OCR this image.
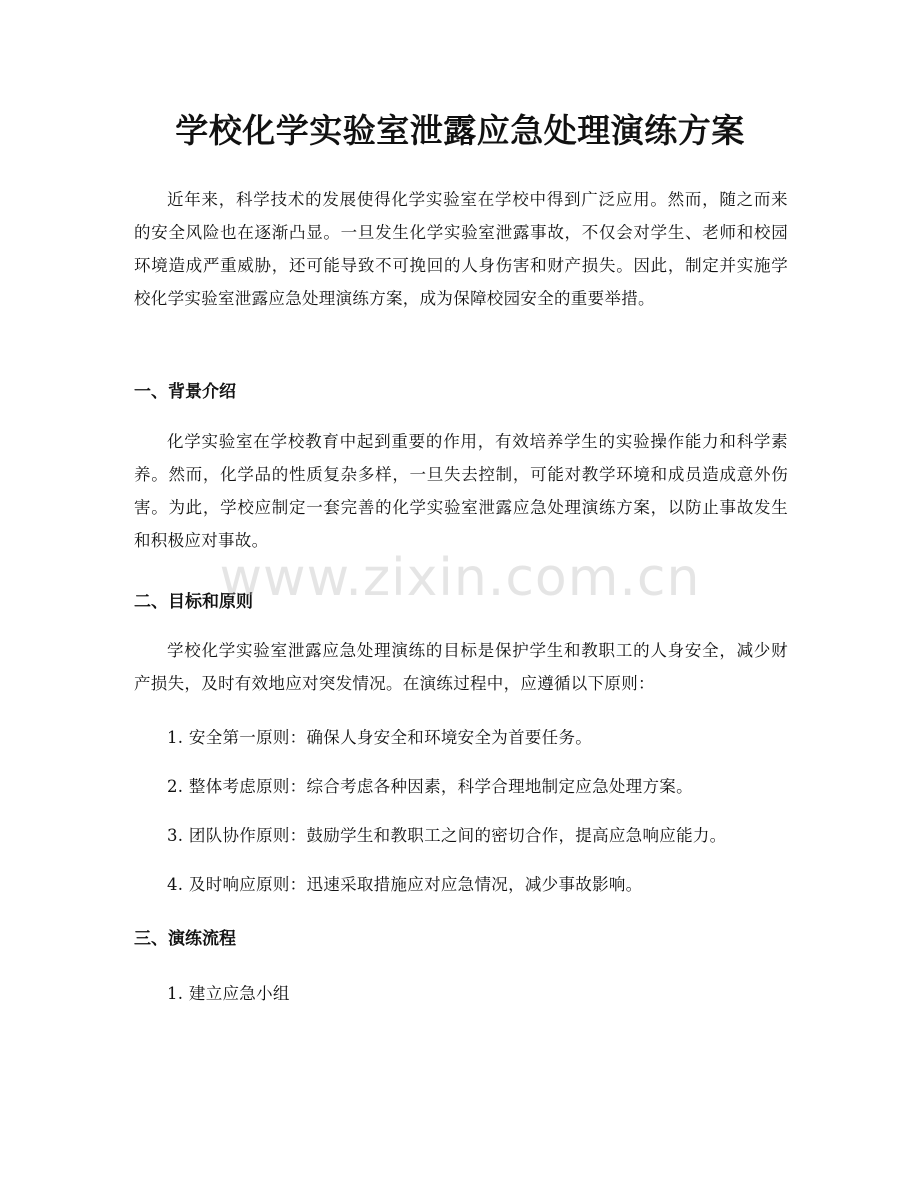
学校化学实验室泄露应急处理演练方案

近年来，科学技术的发展使得化学实验室在学校中得到广泛应用。然而，随之而来的安全风险也在逐渐凸显。一旦发生化学实验室泄露事故，不仅会对学生、老师和校园环境造成严重威胁，还可能导致不可挽回的人身伤害和财产损失。因此，制定并实施学校化学实验室泄露应急处理演练方案，成为保障校园安全的重要举措。

一、背景介绍

化学实验室在学校教育中起到重要的作用，有效培养学生的实验操作能力和科学素养。然而，化学品的性质复杂多样，一旦失去控制，可能对教学环境和成员造成意外伤害。为此，学校应制定一套完善的化学实验室泄露应急处理演练方案，以防止事故发生和积极应对事故。

二、目标和原则

学校化学实验室泄露应急处理演练的目标是保护学生和教职工的人身安全，减少财产损失，及时有效地应对突发情况。在演练过程中，应遵循以下原则：

1. 安全第一原则：确保人身安全和环境安全为首要任务。

2. 整体考虑原则：综合考虑各种因素，科学合理地制定应急处理方案。

3. 团队协作原则：鼓励学生和教职工之间的密切合作，提高应急响应能力。

4. 及时响应原则：迅速采取措施应对应急情况，减少事故影响。

三、演练流程

1. 建立应急小组

www.zixin.com.cn
